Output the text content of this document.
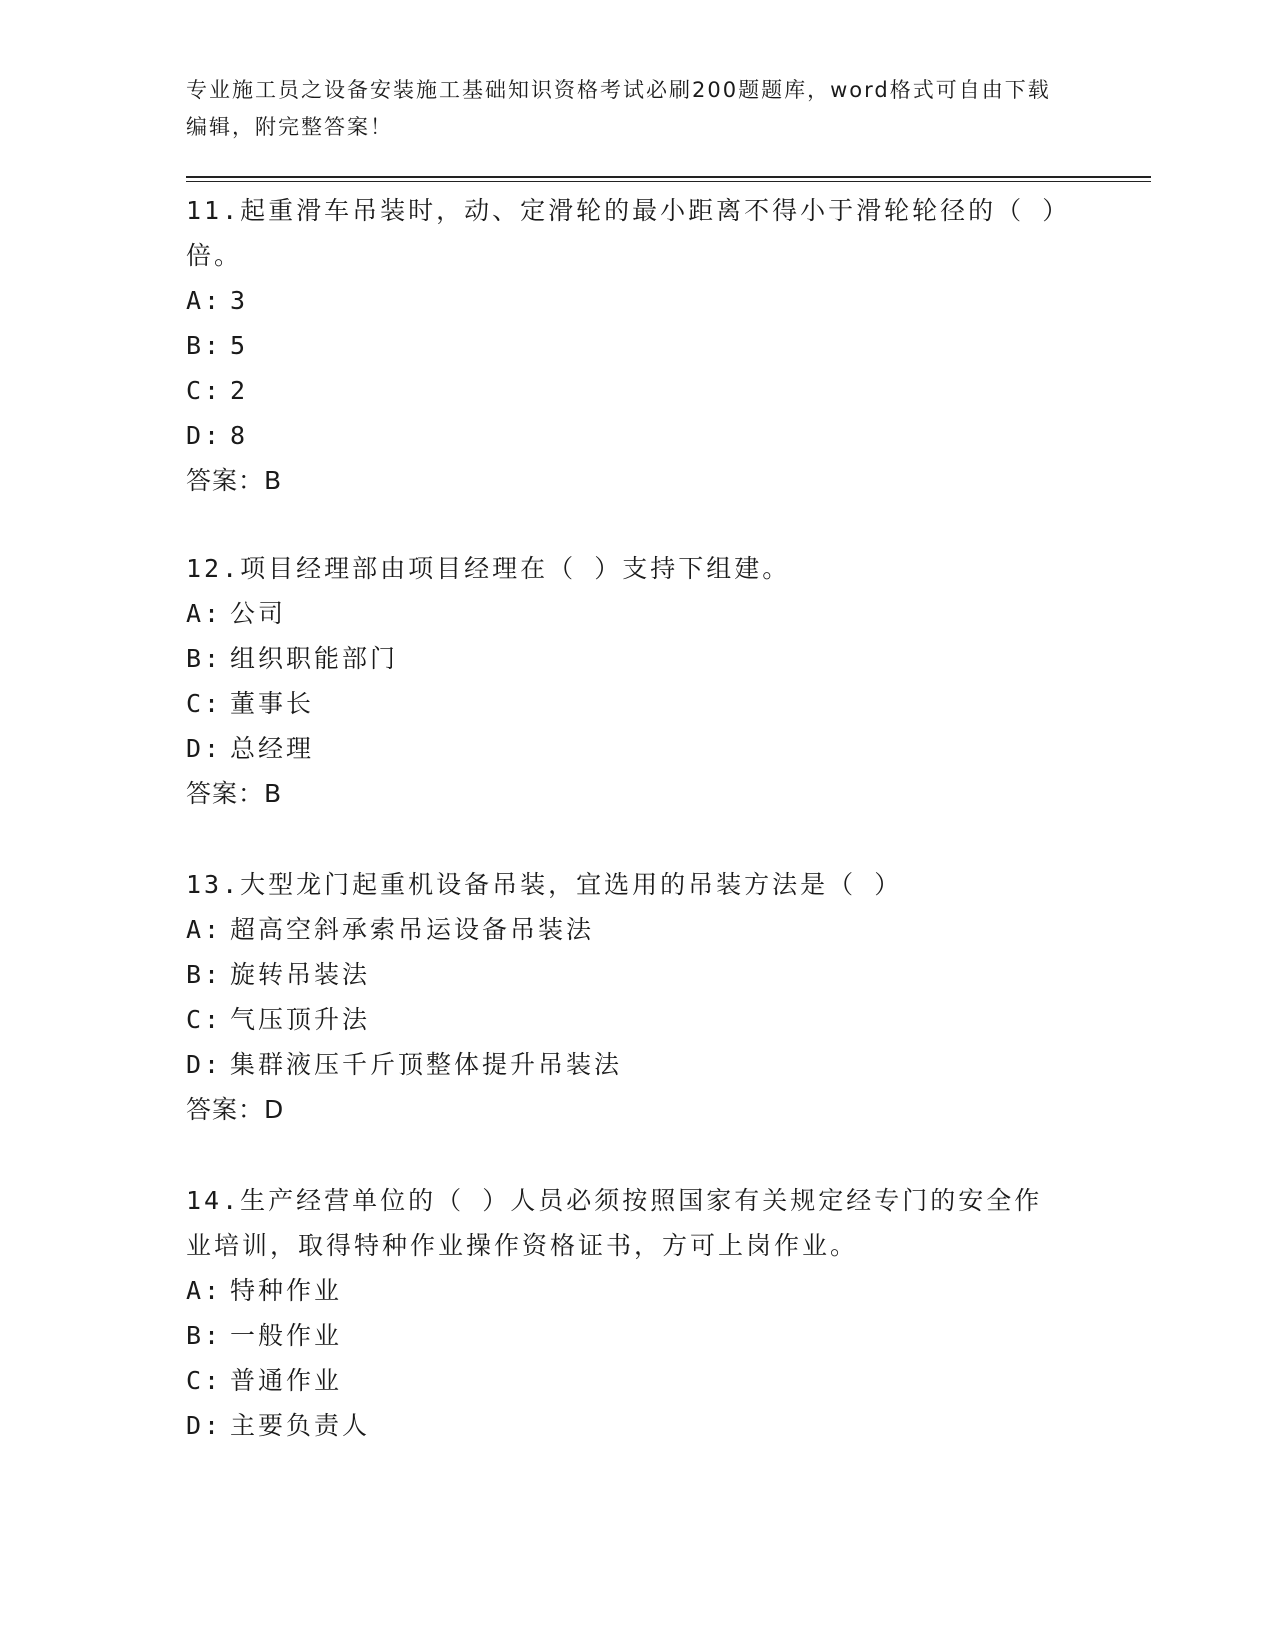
专业施工员之设备安装施工基础知识资格考试必刷200题题库，word格式可自由下载编辑，附完整答案！

11.起重滑车吊装时，动、定滑轮的最小距离不得小于滑轮轮径的（ ）倍。

A: 3
B: 5
C: 2
D: 8

答案：B

12.项目经理部由项目经理在（ ）支持下组建。

A: 公司
B: 组织职能部门
C: 董事长
D: 总经理

答案：B

13.大型龙门起重机设备吊装，宜选用的吊装方法是（ ）

A: 超高空斜承索吊运设备吊装法
B: 旋转吊装法
C: 气压顶升法
D: 集群液压千斤顶整体提升吊装法

答案：D

14.生产经营单位的（ ）人员必须按照国家有关规定经专门的安全作业培训，取得特种作业操作资格证书，方可上岗作业。

A: 特种作业
B: 一般作业
C: 普通作业
D: 主要负责人
